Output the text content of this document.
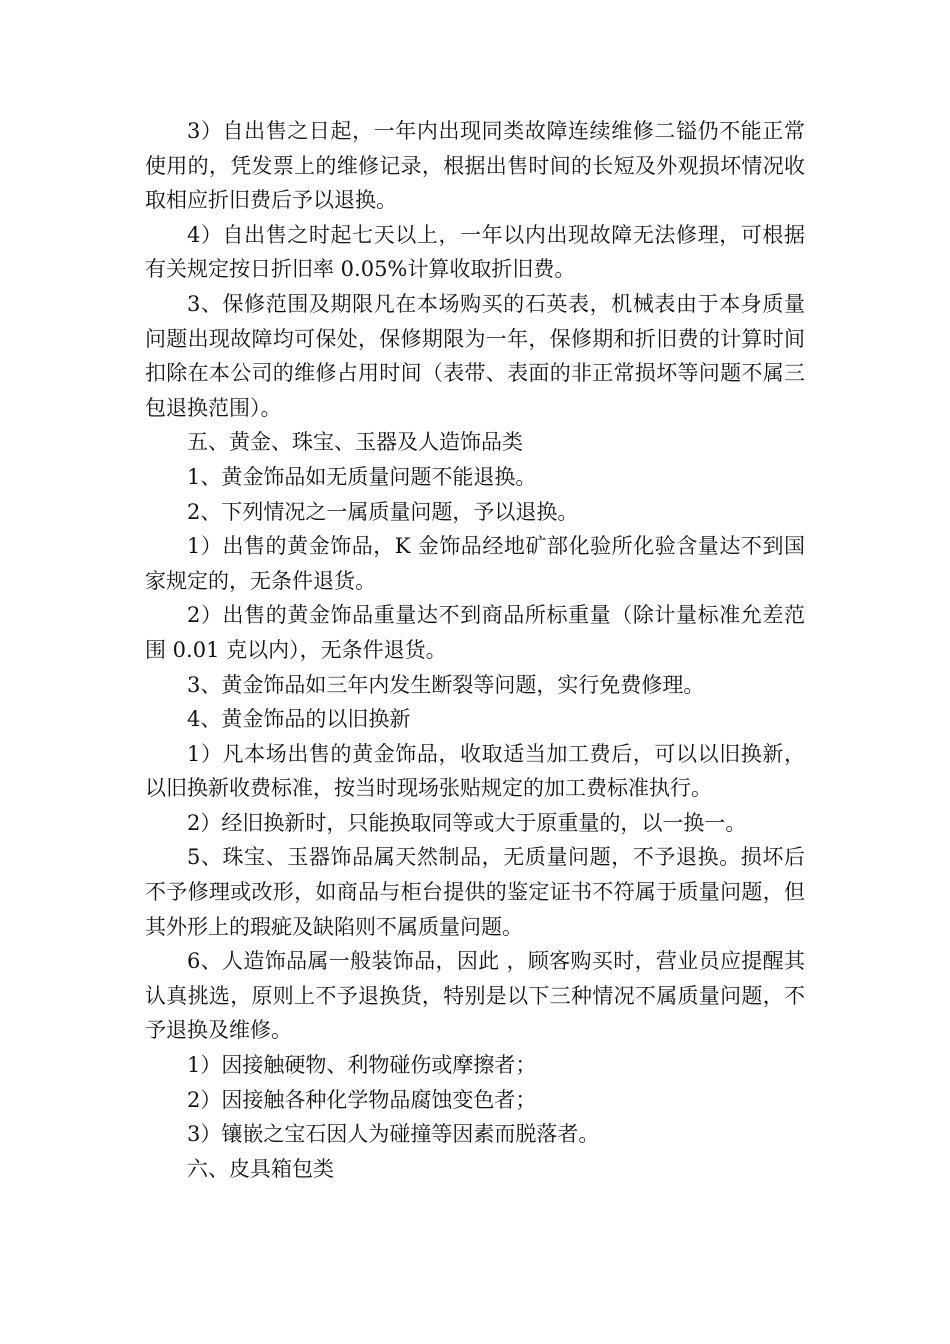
3）自出售之日起，一年内出现同类故障连续维修二镒仍不能正常使用的，凭发票上的维修记录，根据出售时间的长短及外观损坏情况收取相应折旧费后予以退换。

4）自出售之时起七天以上，一年以内出现故障无法修理，可根据有关规定按日折旧率 0.05%计算收取折旧费。

3、保修范围及期限凡在本场购买的石英表，机械表由于本身质量问题出现故障均可保处，保修期限为一年，保修期和折旧费的计算时间扣除在本公司的维修占用时间（表带、表面的非正常损坏等问题不属三包退换范围）。

五、黄金、珠宝、玉器及人造饰品类

1、黄金饰品如无质量问题不能退换。

2、下列情况之一属质量问题，予以退换。

1）出售的黄金饰品，K 金饰品经地矿部化验所化验含量达不到国家规定的，无条件退货。

2）出售的黄金饰品重量达不到商品所标重量（除计量标准允差范围 0.01 克以内），无条件退货。

3、黄金饰品如三年内发生断裂等问题，实行免费修理。

4、黄金饰品的以旧换新

1）凡本场出售的黄金饰品，收取适当加工费后，可以以旧换新，以旧换新收费标准，按当时现场张贴规定的加工费标准执行。

2）经旧换新时，只能换取同等或大于原重量的，以一换一。

5、珠宝、玉器饰品属天然制品，无质量问题，不予退换。损坏后不予修理或改形，如商品与柜台提供的鉴定证书不符属于质量问题，但其外形上的瑕疵及缺陷则不属质量问题。

6、人造饰品属一般装饰品，因此 ，顾客购买时，营业员应提醒其认真挑选，原则上不予退换货，特别是以下三种情况不属质量问题，不予退换及维修。

1）因接触硬物、利物碰伤或摩擦者；

2）因接触各种化学物品腐蚀变色者；

3）镶嵌之宝石因人为碰撞等因素而脱落者。

六、皮具箱包类
